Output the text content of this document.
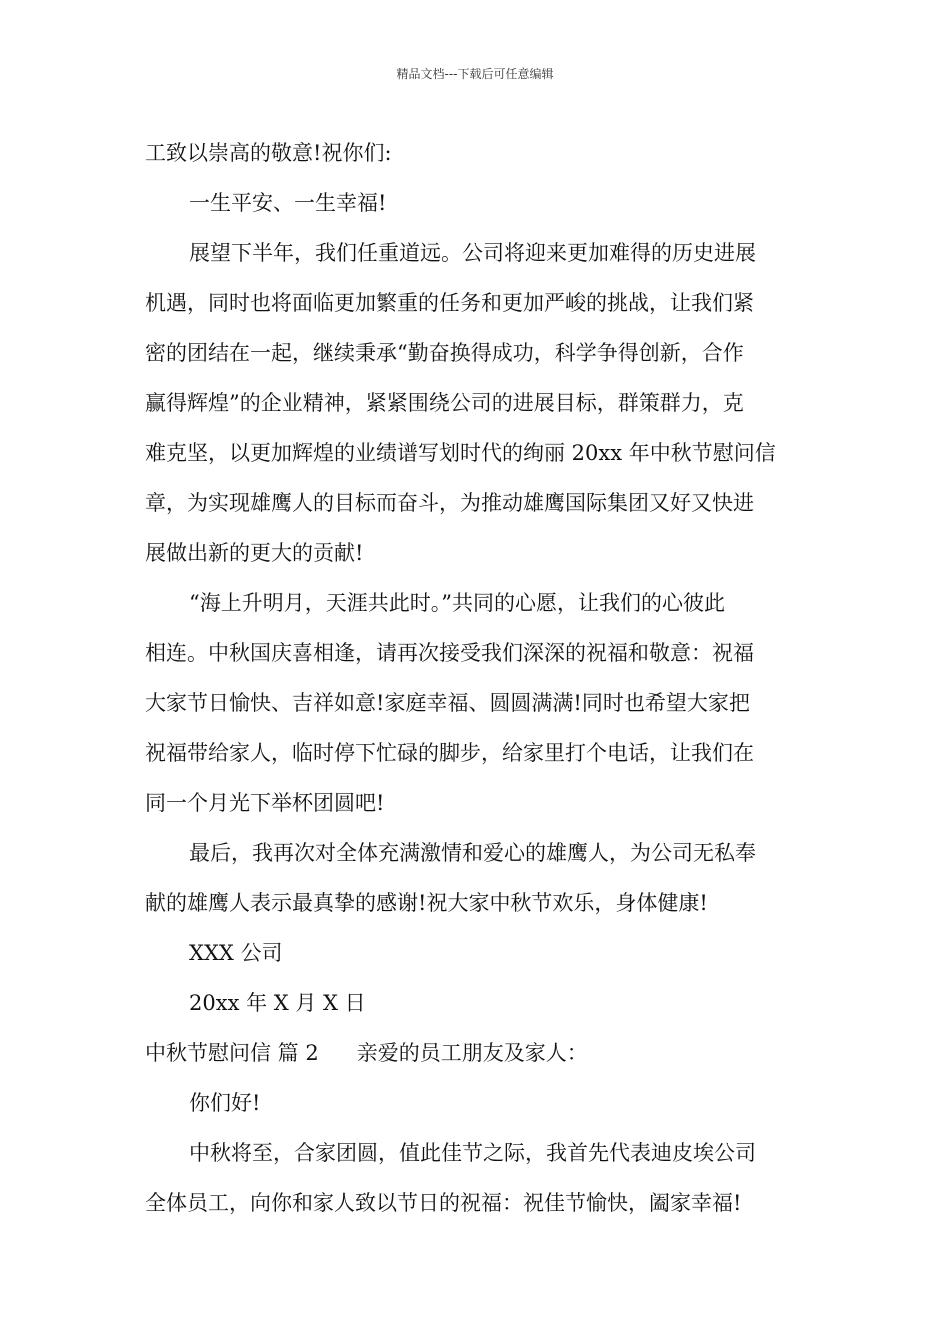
精品文档---下载后可任意编辑
工致以崇高的敬意!祝你们:
一生平安、一生幸福!
展望下半年，我们任重道远。公司将迎来更加难得的历史进展
机遇，同时也将面临更加繁重的任务和更加严峻的挑战，让我们紧
密的团结在一起，继续秉承“勤奋换得成功，科学争得创新，合作
赢得辉煌”的企业精神，紧紧围绕公司的进展目标，群策群力，克
难克坚，以更加辉煌的业绩谱写划时代的绚丽 20xx 年中秋节慰问信
章，为实现雄鹰人的目标而奋斗，为推动雄鹰国际集团又好又快进
展做出新的更大的贡献!
“海上升明月，天涯共此时。”共同的心愿，让我们的心彼此
相连。中秋国庆喜相逢，请再次接受我们深深的祝福和敬意：祝福
大家节日愉快、吉祥如意!家庭幸福、圆圆满满!同时也希望大家把
祝福带给家人，临时停下忙碌的脚步，给家里打个电话，让我们在
同一个月光下举杯团圆吧!
最后，我再次对全体充满激情和爱心的雄鹰人，为公司无私奉
献的雄鹰人表示最真挚的感谢!祝大家中秋节欢乐，身体健康!
XXX 公司
20xx 年 X 月 X 日
中秋节慰问信 篇 2 亲爱的员工朋友及家人：
你们好!
中秋将至，合家团圆，值此佳节之际，我首先代表迪皮埃公司
全体员工，向你和家人致以节日的祝福：祝佳节愉快，阖家幸福!
